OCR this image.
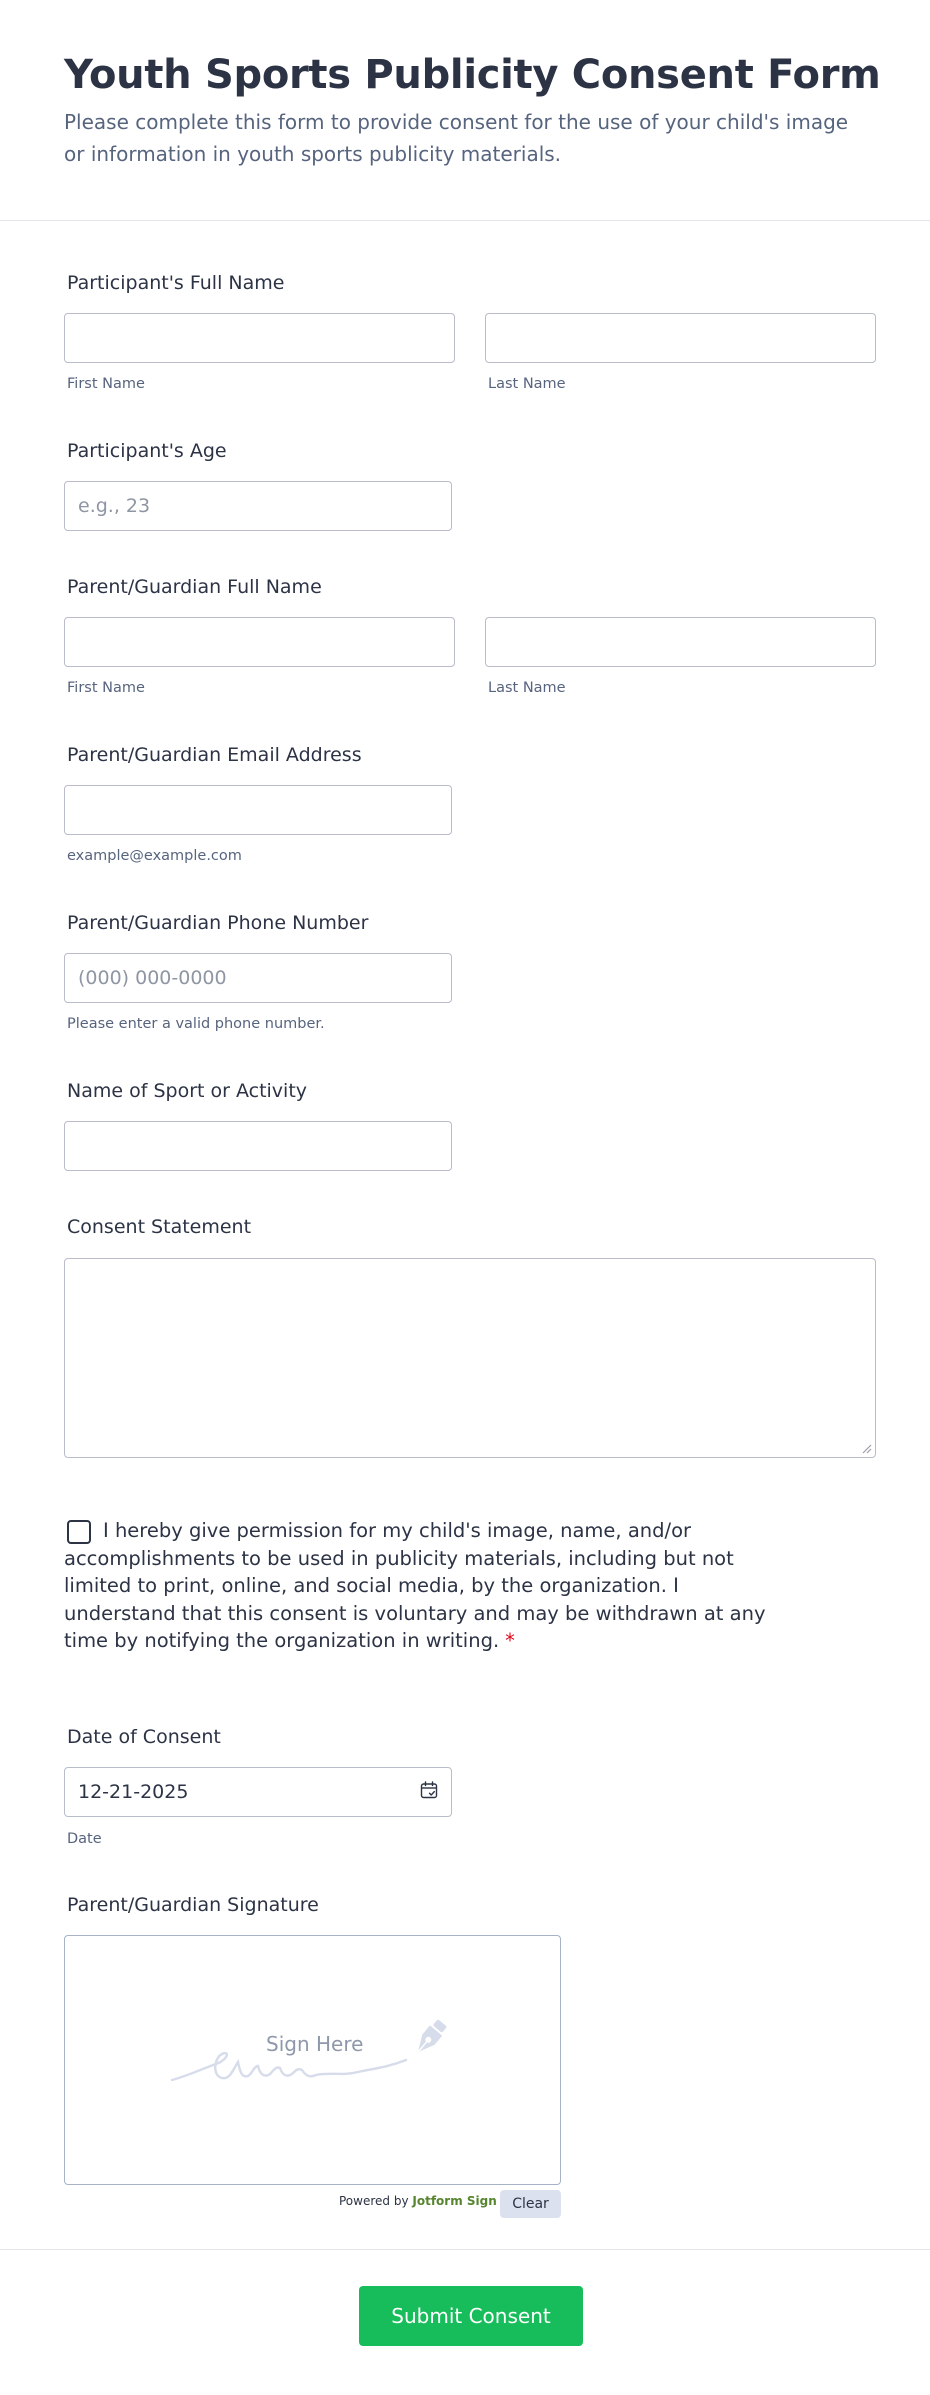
Youth Sports Publicity Consent Form

Please complete this form to provide consent for the use of your child's image or information in youth sports publicity materials.

Participant's Full Name
First Name	Last Name
Participant's Age
e.g., 23
Parent/Guardian Full Name
First Name	Last Name
Parent/Guardian Email Address
example@example.com
Parent/Guardian Phone Number
(000) 000-0000
Please enter a valid phone number.
Name of Sport or Activity
Consent Statement
I hereby give permission for my child's image, name, and/or accomplishments to be used in publicity materials, including but not limited to print, online, and social media, by the organization. I understand that this consent is voluntary and may be withdrawn at any time by notifying the organization in writing. *
Date of Consent
12-21-2025
Date
Parent/Guardian Signature
Sign Here
Powered by Jotform Sign	Clear
Submit Consent
